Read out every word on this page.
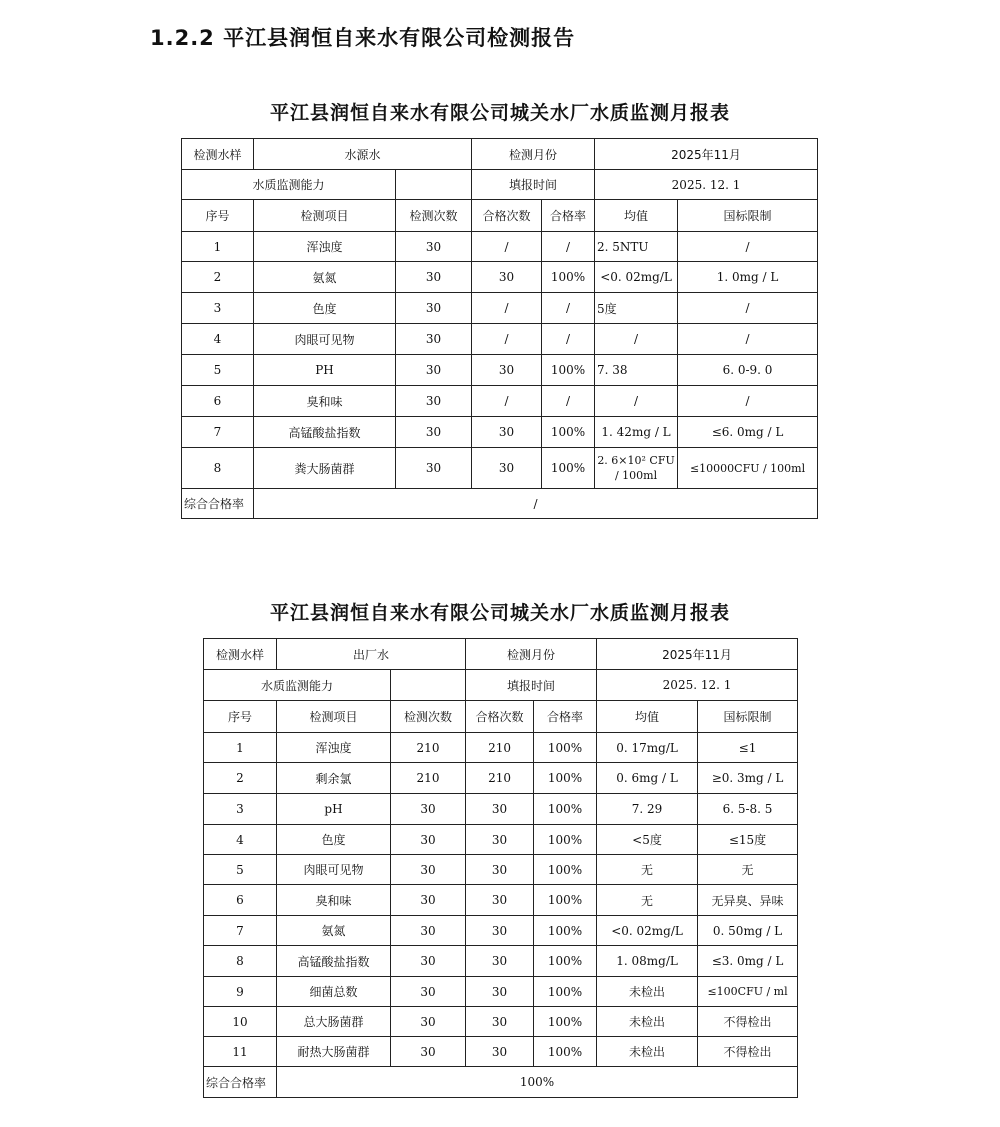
1.2.2 平江县润恒自来水有限公司检测报告
平江县润恒自来水有限公司城关水厂水质监测月报表
检测水样	水源水		检测月份		2025年11月	
水质监测能力			填报时间		2025. 12. 1	
序号	检测项目	检测次数	合格次数	合格率	均值	国标限制
1	浑浊度	30	/	/	2. 5NTU	/
2	氨氮	30	30	100%	<0. 02mg/L	1. 0mg / L
3	色度	30	/	/	5度	/
4	肉眼可见物	30	/	/	/	/
5	PH	30	30	100%	7. 38	6. 0-9. 0
6	臭和味	30	/	/	/	/
7	高锰酸盐指数	30	30	100%	1. 42mg / L	≤6. 0mg / L
8	粪大肠菌群	30	30	100%	2. 6×10² CFU / 100ml	≤10000CFU / 100ml
综合合格率	/					
平江县润恒自来水有限公司城关水厂水质监测月报表
检测水样	出厂水		检测月份		2025年11月	
水质监测能力			填报时间		2025. 12. 1	
序号	检测项目	检测次数	合格次数	合格率	均值	国标限制
1	浑浊度	210	210	100%	0. 17mg/L	≤1
2	剩余氯	210	210	100%	0. 6mg / L	≥0. 3mg / L
3	pH	30	30	100%	7. 29	6. 5-8. 5
4	色度	30	30	100%	<5度	≤15度
5	肉眼可见物	30	30	100%	无	无
6	臭和味	30	30	100%	无	无异臭、异味
7	氨氮	30	30	100%	<0. 02mg/L	0. 50mg / L
8	高锰酸盐指数	30	30	100%	1. 08mg/L	≤3. 0mg / L
9	细菌总数	30	30	100%	未检出	≤100CFU / ml
10	总大肠菌群	30	30	100%	未检出	不得检出
11	耐热大肠菌群	30	30	100%	未检出	不得检出
综合合格率	100%					
